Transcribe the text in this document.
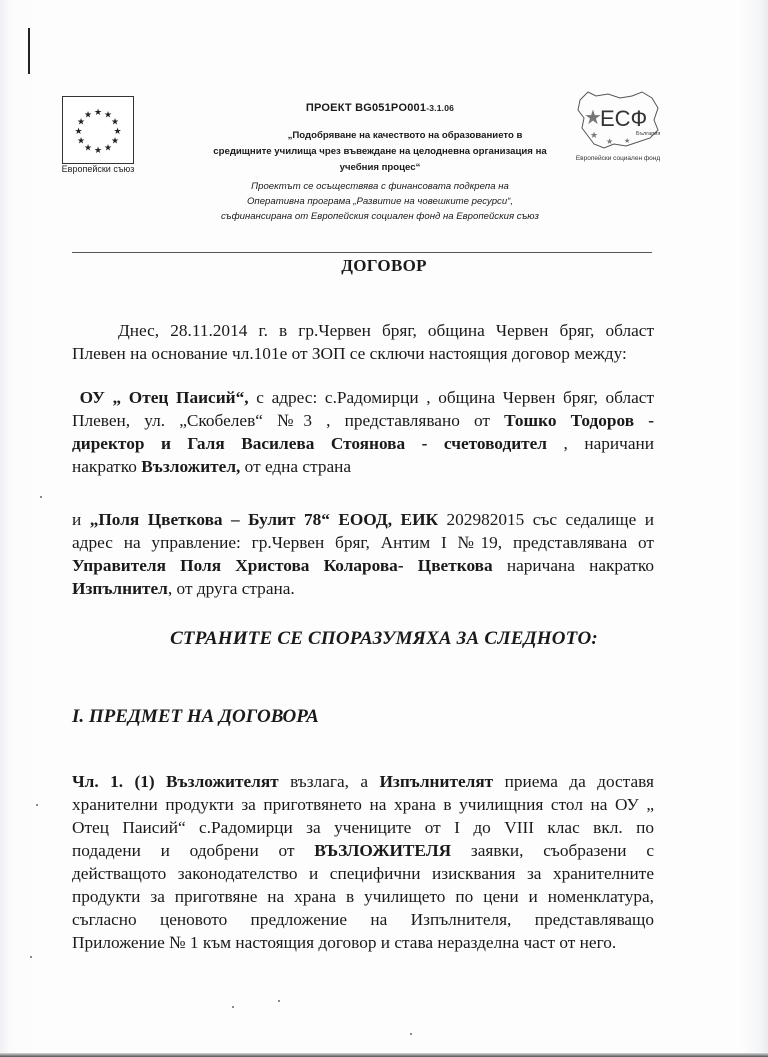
★ ★
★
★
★
★
★
★
★
★
★
★
Европейски съюз
★
ЕСФ
България
★
★ ★
Европейски социален фонд
ПРОЕКТ BG051PO001-3.1.06
„Подобряване на качеството на образованието в
средищните училища чрез въвеждане на целодневна организация на
учебния процес“
Проектът се осъществява с финансовата подкрепа на
Оперативна програма „Развитие на човешките ресурси“,
съфинансирана от Европейския социален фонд на Европейския съюз
ДОГОВОР
Днес, 28.11.2014 г. в гр.Червен бряг, община Червен бряг, област
Плевен на основание чл.101е от ЗОП се сключи настоящия договор между:
ОУ „ Отец Паисий“, с адрес: с.Радомирци , община Червен бряг, област
Плевен, ул. „Скобелев“ №3 , представлявано от Тошко Тодоров -
директор и Галя Василева Стоянова - счетоводител , наричани
накратко Възложител, от една страна
и „Поля Цветкова – Булит 78“ ЕООД, ЕИК 202982015 със седалище и
адрес на управление: гр.Червен бряг, Антим I №19, представлявана от
Управителя Поля Христова Коларова- Цветкова наричана накратко
Изпълнител, от друга страна.
СТРАНИТЕ СЕ СПОРАЗУМЯХА ЗА СЛЕДНОТО:
I. ПРЕДМЕТ НА ДОГОВОРА
Чл. 1. (1) Възложителят възлага, а Изпълнителят приема да доставя
хранителни продукти за приготвянето на храна в училищния стол на ОУ „
Отец Паисий“ с.Радомирци за учениците от I до VIII клас вкл. по
подадени и одобрени от ВЪЗЛОЖИТЕЛЯ заявки, съобразени с
действащото законодателство и специфични изисквания за хранителните
продукти за приготвяне на храна в училището по цени и номенклатура,
съгласно ценовото предложение на Изпълнителя, представляващо
Приложение № 1 към настоящия договор и става неразделна част от него.
